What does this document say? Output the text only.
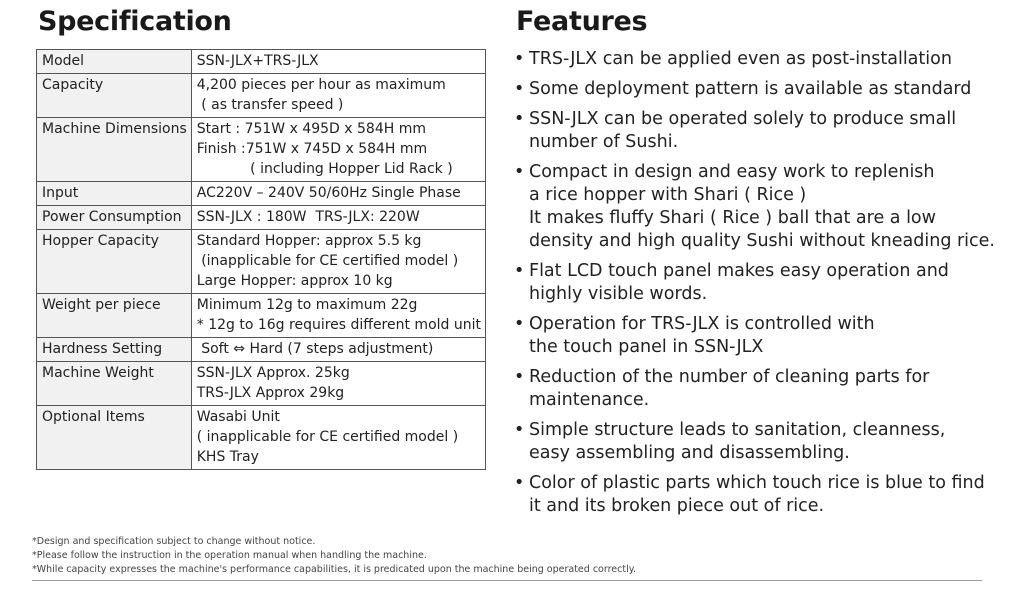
Specification	Features
Model	SSN-JLX+TRS-JLX

Capacity	4,200 pieces per hour as maximum
( as transfer speed )

Machine Dimensions	Start : 751W x 495D x 584H mm
Finish :751W x 745D x 584H mm
( including Hopper Lid Rack )

Input	AC220V – 240V 50/60Hz Single Phase

Power Consumption	SSN-JLX : 180W  TRS-JLX: 220W

Hopper Capacity	Standard Hopper: approx 5.5 kg
(inapplicable for CE certified model )
Large Hopper: approx 10 kg

Weight per piece	Minimum 12g to maximum 22g
* 12g to 16g requires different mold unit

Hardness Setting	Soft ⇔ Hard (7 steps adjustment)

Machine Weight	SSN-JLX Approx. 25kg
TRS-JLX Approx 29kg

Optional Items	Wasabi Unit
( inapplicable for CE certified model )
KHS Tray
• TRS-JLX can be applied even as post-installation
• Some deployment pattern is available as standard
• SSN-JLX can be operated solely to produce small
number of Sushi.
• Compact in design and easy work to replenish
a rice hopper with Shari ( Rice )
It makes fluffy Shari ( Rice ) ball that are a low
density and high quality Sushi without kneading rice.
• Flat LCD touch panel makes easy operation and
highly visible words.
• Operation for TRS-JLX is controlled with
the touch panel in SSN-JLX
• Reduction of the number of cleaning parts for
maintenance.
• Simple structure leads to sanitation, cleanness,
easy assembling and disassembling.
• Color of plastic parts which touch rice is blue to find
it and its broken piece out of rice.
*Design and specification subject to change without notice.
*Please follow the instruction in the operation manual when handling the machine.
*While capacity expresses the machine's performance capabilities, it is predicated upon the machine being operated correctly.
